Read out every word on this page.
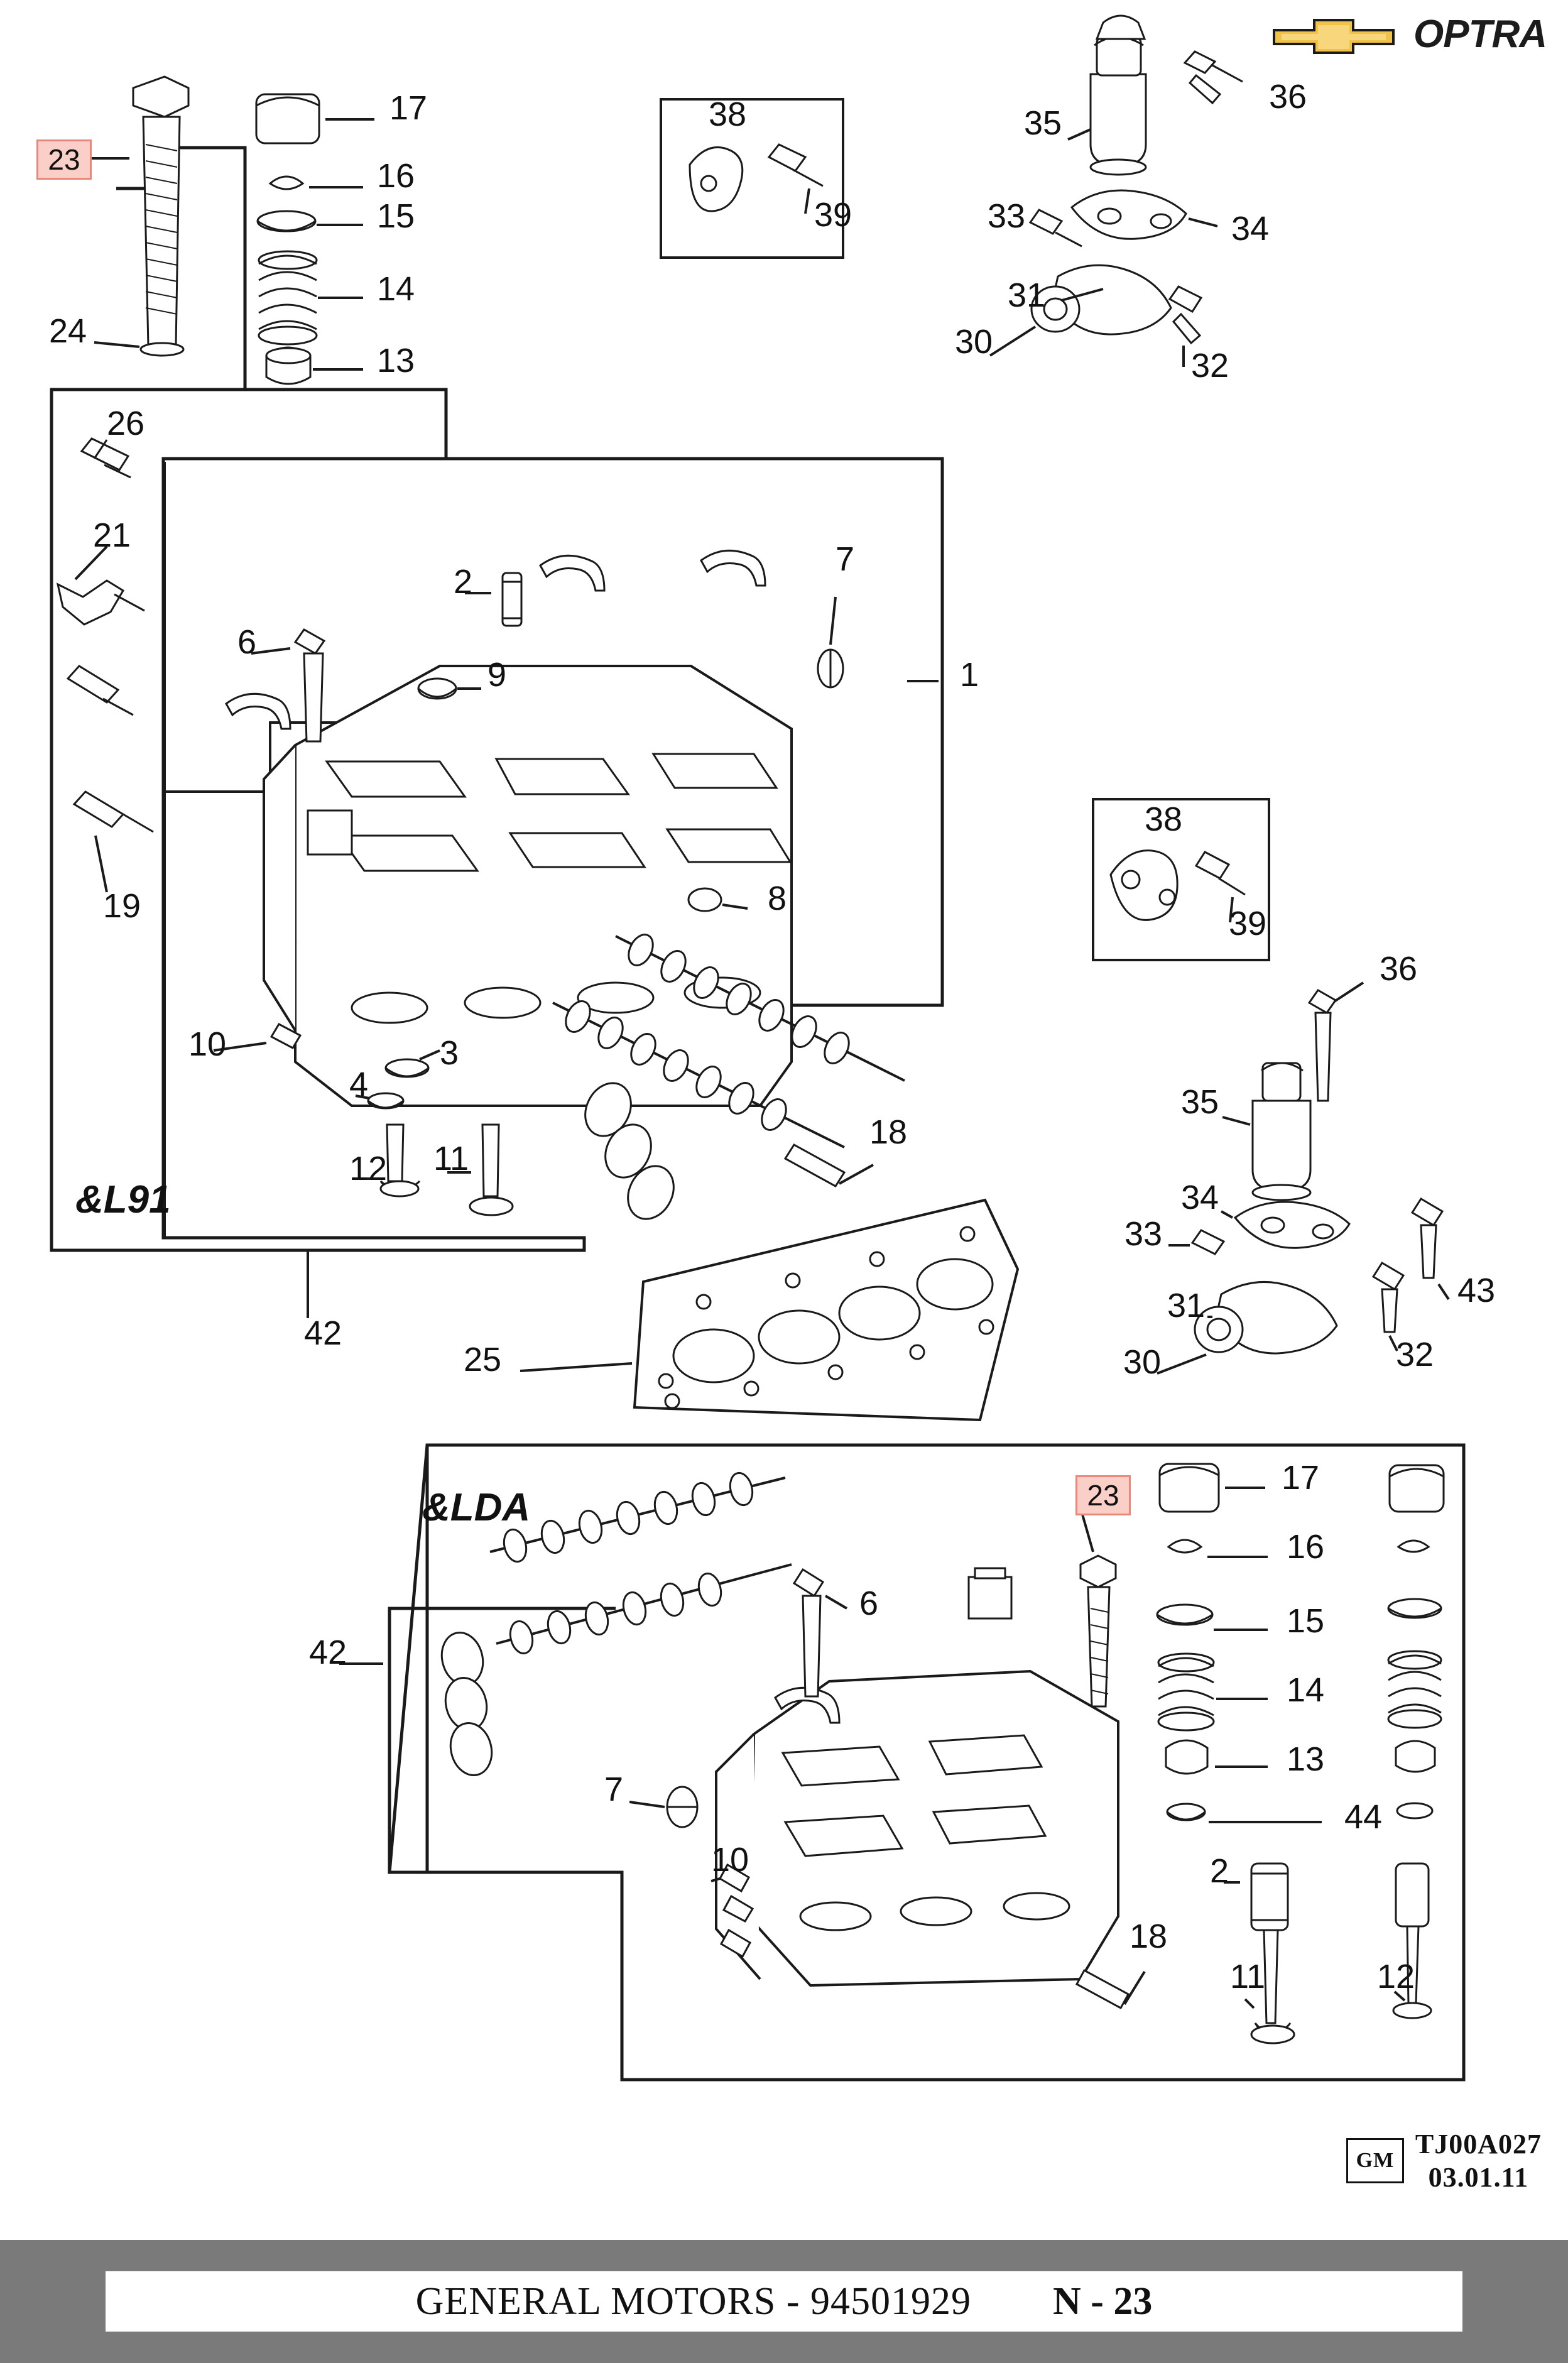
OPTRA
&L91
&LDA
17
16
15
14
13
24
26
21
19
38
39
35
36
33	34
31
30
32
2
7
1
6
9
8
10
4
3
12 11
18
25
42
38
39
36
35
34
33
31
30
43
32
42
6
7
10
17
16
15
14
13
44
2
18
11	12
23
23
GM
TJ00A027
03.01.11
GENERAL MOTORS - 94501929 N - 23
